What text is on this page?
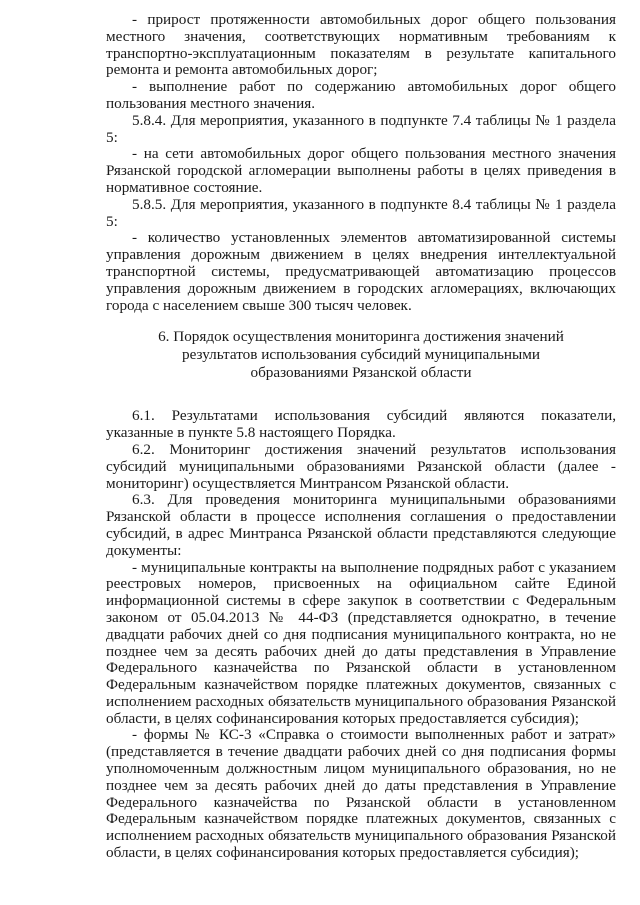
- прирост протяженности автомобильных дорог общего пользования местного значения, соответствующих нормативным требованиям к транспортно-эксплуатационным показателям в результате капитального ремонта и ремонта автомобильных дорог;

- выполнение работ по содержанию автомобильных дорог общего пользования местного значения.

5.8.4. Для мероприятия, указанного в подпункте 7.4 таблицы № 1 раздела 5:

- на сети автомобильных дорог общего пользования местного значения Рязанской городской агломерации выполнены работы в целях приведения в нормативное состояние.

5.8.5. Для мероприятия, указанного в подпункте 8.4 таблицы № 1 раздела 5:

- количество установленных элементов автоматизированной системы управления дорожным движением в целях внедрения интеллектуальной транспортной системы, предусматривающей автоматизацию процессов управления дорожным движением в городских агломерациях, включающих города с населением свыше 300 тысяч человек.

6. Порядок осуществления мониторинга достижения значений
результатов использования субсидий муниципальными
образованиями Рязанской области

6.1. Результатами использования субсидий являются показатели, указанные в пункте 5.8 настоящего Порядка.

6.2. Мониторинг достижения значений результатов использования субсидий муниципальными образованиями Рязанской области (далее - мониторинг) осуществляется Минтрансом Рязанской области.

6.3. Для проведения мониторинга муниципальными образованиями Рязанской области в процессе исполнения соглашения о предоставлении субсидий, в адрес Минтранса Рязанской области представляются следующие документы:

- муниципальные контракты на выполнение подрядных работ с указанием реестровых номеров, присвоенных на официальном сайте Единой информационной системы в сфере закупок в соответствии с Федеральным законом от 05.04.2013 № 44-ФЗ (представляется однократно, в течение двадцати рабочих дней со дня подписания муниципального контракта, но не позднее чем за десять рабочих дней до даты представления в Управление Федерального казначейства по Рязанской области в установленном Федеральным казначейством порядке платежных документов, связанных с исполнением расходных обязательств муниципального образования Рязанской области, в целях софинансирования которых предоставляется субсидия);

- формы № КС-3 «Справка о стоимости выполненных работ и затрат» (представляется в течение двадцати рабочих дней со дня подписания формы уполномоченным должностным лицом муниципального образования, но не позднее чем за десять рабочих дней до даты представления в Управление Федерального казначейства по Рязанской области в установленном Федеральным казначейством порядке платежных документов, связанных с исполнением расходных обязательств муниципального образования Рязанской области, в целях софинансирования которых предоставляется субсидия);
